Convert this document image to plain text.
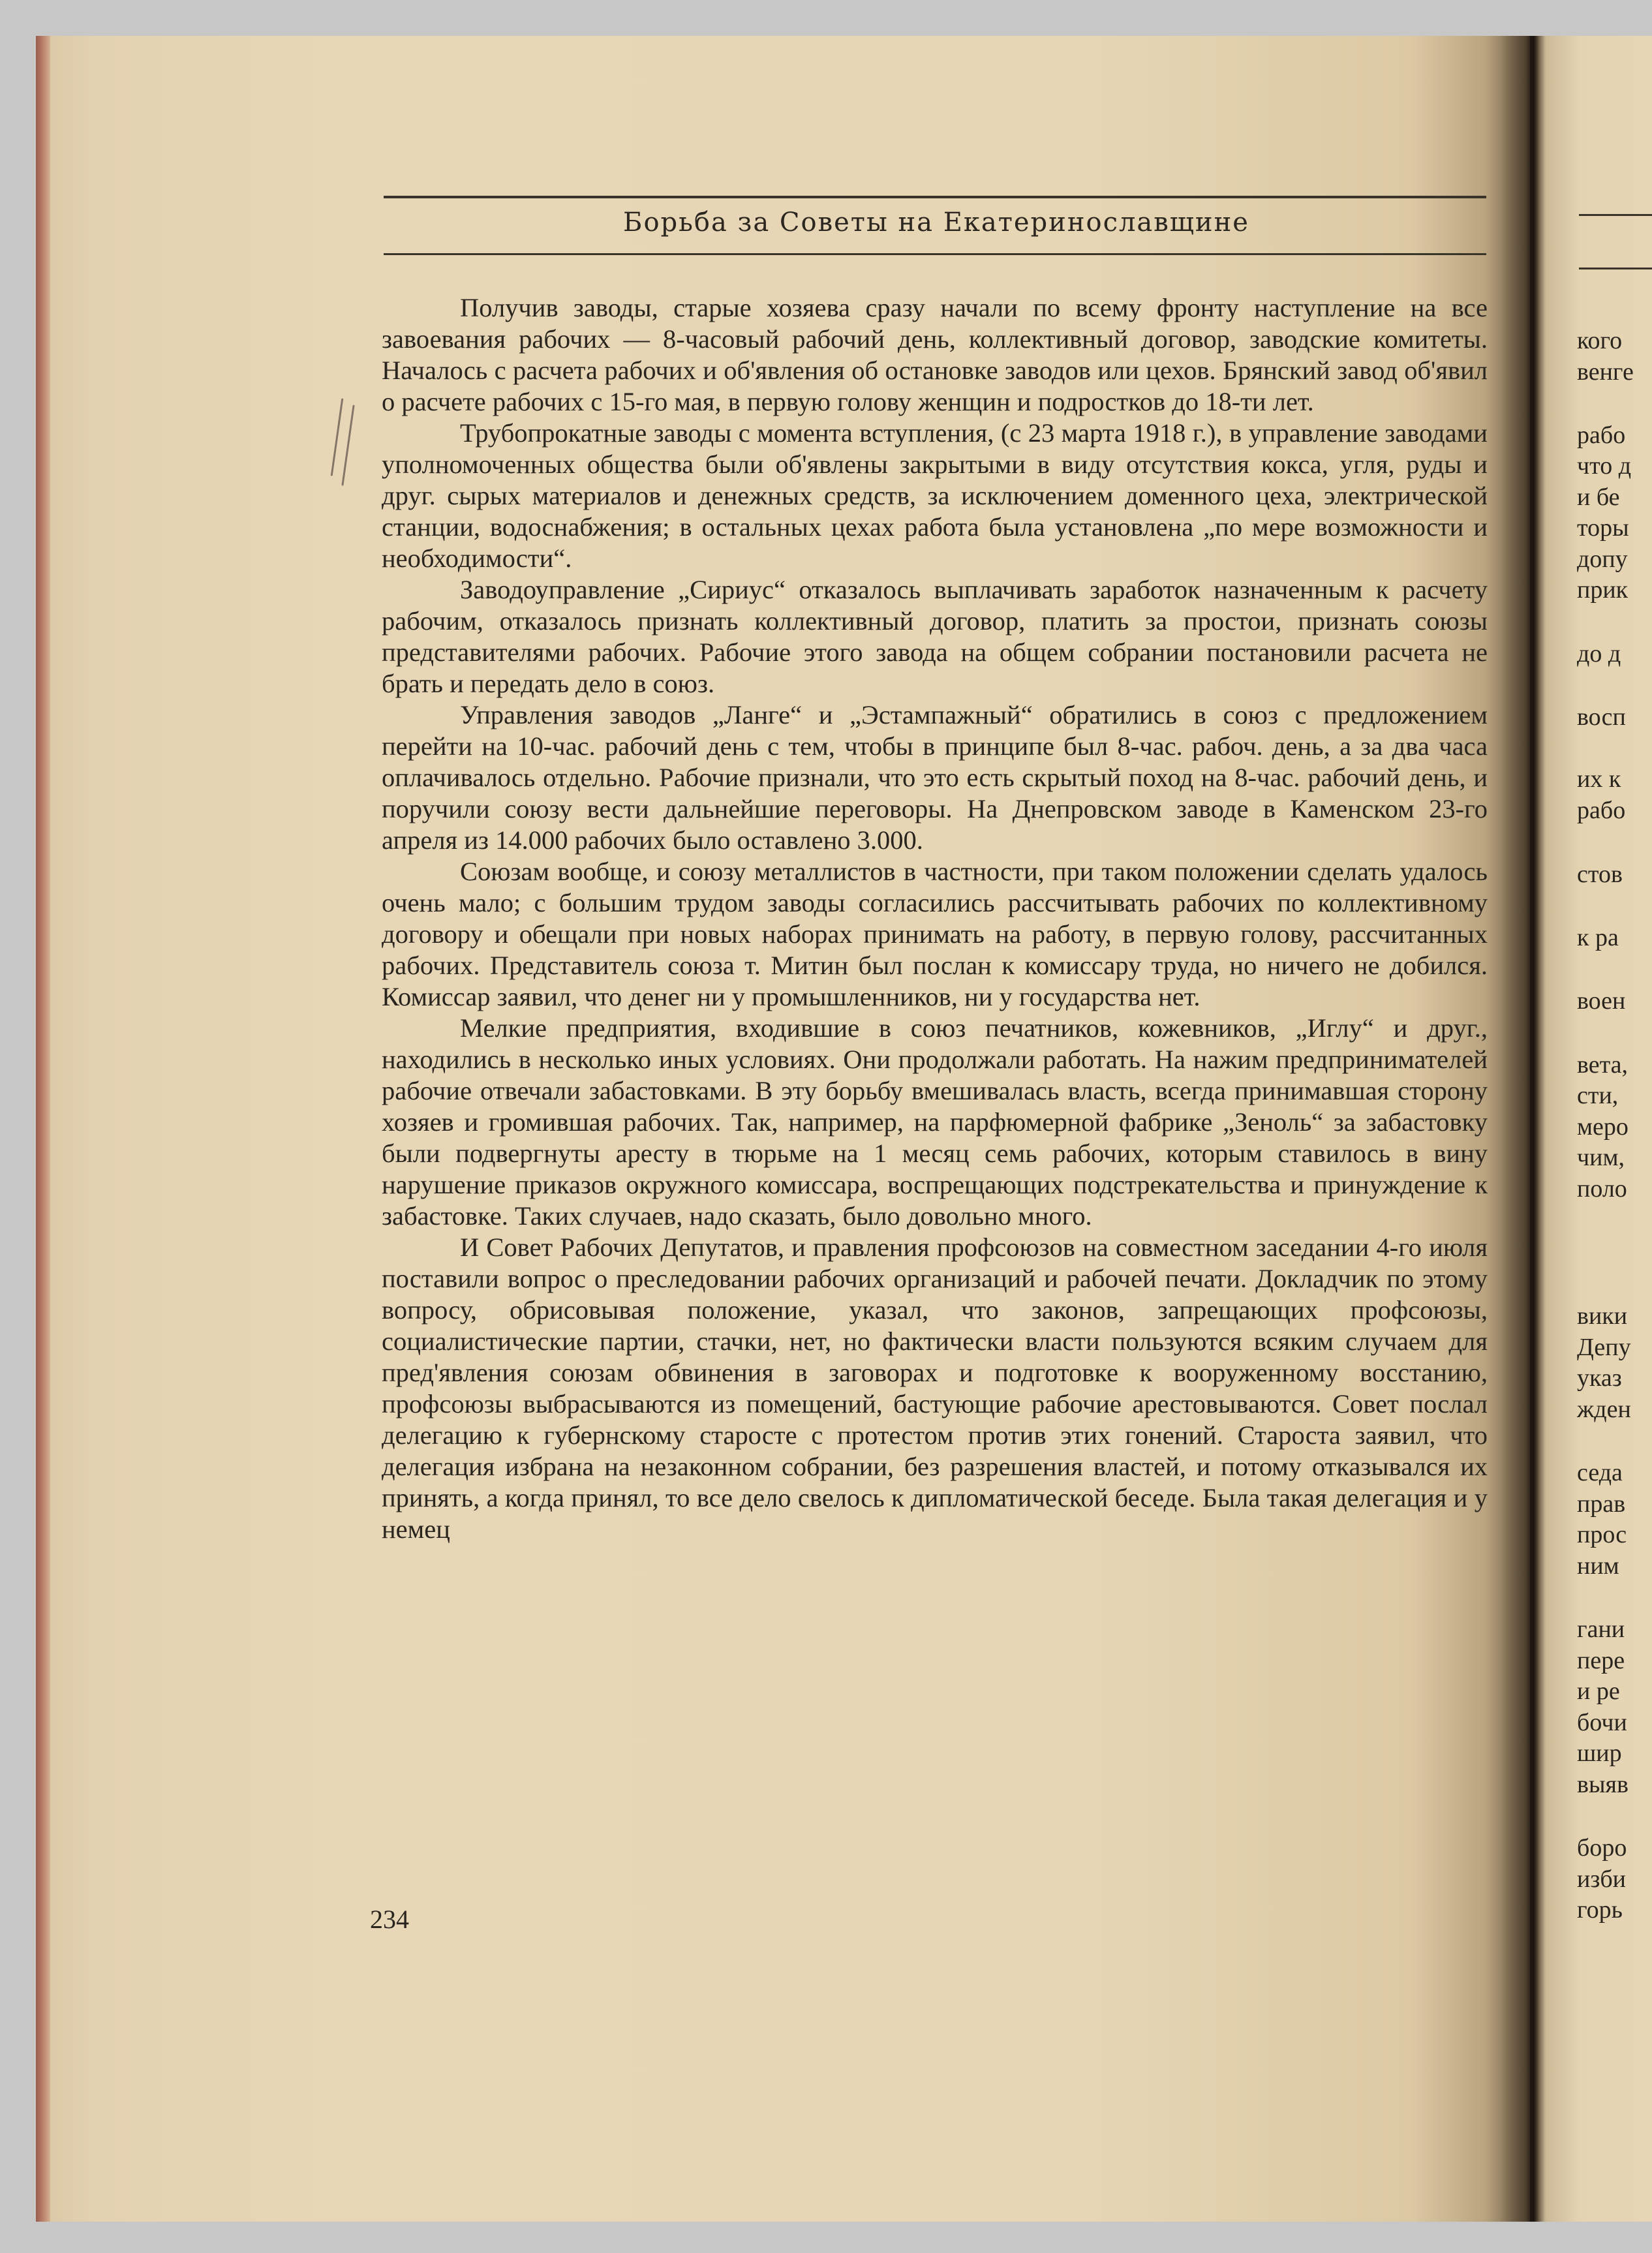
Борьба за Советы на Екатеринославщине

Получив заводы, старые хозяева сразу начали по всему фронту наступление на все завоевания рабочих — 8-часовый рабочий день, коллективный договор, заводские комитеты. Началось с расчета рабочих и об'явления об остановке заводов или цехов. Брянский завод об'явил о расчете рабочих с 15-го мая, в первую голову женщин и подростков до 18-ти лет.

Трубопрокатные заводы с момента вступления, (с 23 марта 1918 г.), в управление заводами уполномоченных общества были об'явлены закрытыми в виду отсутствия кокса, угля, руды и друг. сырых материалов и денежных средств, за исключением доменного цеха, электрической станции, водоснабжения; в остальных цехах работа была установлена „по мере возможности и необходимости“.

Заводоуправление „Сириус“ отказалось выплачивать заработок назначенным к расчету рабочим, отказалось признать коллективный договор, платить за простои, признать союзы представителями рабочих. Рабочие этого завода на общем собрании постановили расчета не брать и передать дело в союз.

Управления заводов „Ланге“ и „Эстампажный“ обратились в союз с предложением перейти на 10-час. рабочий день с тем, чтобы в принципе был 8-час. рабоч. день, а за два часа оплачивалось отдельно. Рабочие признали, что это есть скрытый поход на 8-час. рабочий день, и поручили союзу вести дальнейшие переговоры. На Днепровском заводе в Каменском 23-го апреля из 14.000 рабочих было оставлено 3.000.

Союзам вообще, и союзу металлистов в частности, при таком положении сделать удалось очень мало; с большим трудом заводы согласились рассчитывать рабочих по коллективному договору и обещали при новых наборах принимать на работу, в первую голову, рассчитанных рабочих. Представитель союза т. Митин был послан к комиссару труда, но ничего не добился. Комиссар заявил, что денег ни у промышленников, ни у государства нет.

Мелкие предприятия, входившие в союз печатников, кожевников, „Иглу“ и друг., находились в несколько иных условиях. Они продолжали работать. На нажим предпринимателей рабочие отвечали забастовками. В эту борьбу вмешивалась власть, всегда принимавшая сторону хозяев и громившая рабочих. Так, например, на парфюмерной фабрике „Зеноль“ за забастовку были подвергнуты аресту в тюрьме на 1 месяц семь рабочих, которым ставилось в вину нарушение приказов окружного комиссара, воспрещающих подстрекательства и принуждение к забастовке. Таких случаев, надо сказать, было довольно много.

И Совет Рабочих Депутатов, и правления профсоюзов на совместном заседании 4-го июля поставили вопрос о преследовании рабочих организаций и рабочей печати. Докладчик по этому вопросу, обрисовывая положение, указал, что законов, запрещающих профсоюзы, социалистические партии, стачки, нет, но фактически власти пользуются всяким случаем для пред'явления союзам обвинения в заговорах и подготовке к вооруженному восстанию, профсоюзы выбрасываются из помещений, бастующие рабочие арестовываются. Совет послал делегацию к губернскому старосте с протестом против этих гонений. Староста заявил, что делегация избрана на незаконном собрании, без разрешения властей, и потому отказывался их принять, а когда принял, то все дело свелось к дипломатической беседе. Была такая делегация и у немец

234
кого
венге
рабо
что д
и бе
торы
допу
прик
до д
восп
их к
рабо
стов
к ра
воен
вета,
сти,
меро
чим,
поло
вики
Депу
указ
жден
седа
прав
прос
ним
гани
пере
и ре
бочи
шир
выяв
боро
изби
горь
